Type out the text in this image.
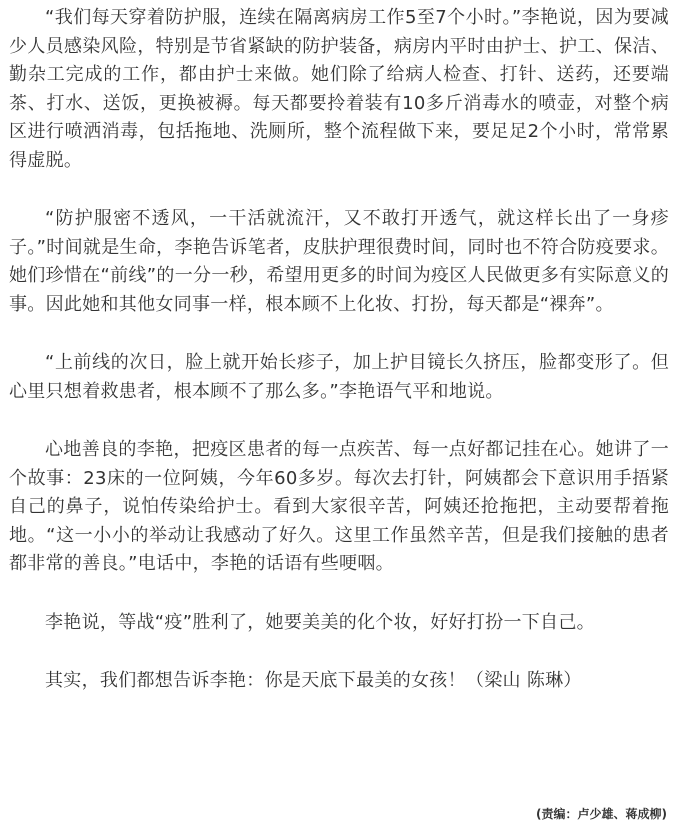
“我们每天穿着防护服，连续在隔离病房工作5至7个小时。”李艳说，因为要减少人员感染风险，特别是节省紧缺的防护装备，病房内平时由护士、护工、保洁、勤杂工完成的工作，都由护士来做。她们除了给病人检查、打针、送药，还要端茶、打水、送饭，更换被褥。每天都要拎着装有10多斤消毒水的喷壶，对整个病区进行喷洒消毒，包括拖地、洗厕所，整个流程做下来，要足足2个小时，常常累得虚脱。

“防护服密不透风，一干活就流汗，又不敢打开透气，就这样长出了一身疹子。”时间就是生命，李艳告诉笔者，皮肤护理很费时间，同时也不符合防疫要求。她们珍惜在“前线”的一分一秒，希望用更多的时间为疫区人民做更多有实际意义的事。因此她和其他女同事一样，根本顾不上化妆、打扮，每天都是“裸奔”。

“上前线的次日，脸上就开始长疹子，加上护目镜长久挤压，脸都变形了。但心里只想着救患者，根本顾不了那么多。”李艳语气平和地说。

心地善良的李艳，把疫区患者的每一点疾苦、每一点好都记挂在心。她讲了一个故事：23床的一位阿姨，今年60多岁。每次去打针，阿姨都会下意识用手捂紧自己的鼻子，说怕传染给护士。看到大家很辛苦，阿姨还抢拖把，主动要帮着拖地。“这一小小的举动让我感动了好久。这里工作虽然辛苦，但是我们接触的患者都非常的善良。”电话中，李艳的话语有些哽咽。

李艳说，等战“疫”胜利了，她要美美的化个妆，好好打扮一下自己。

其实，我们都想告诉李艳：你是天底下最美的女孩！（梁山 陈琳）

(责编：卢少雄、蒋成柳)
